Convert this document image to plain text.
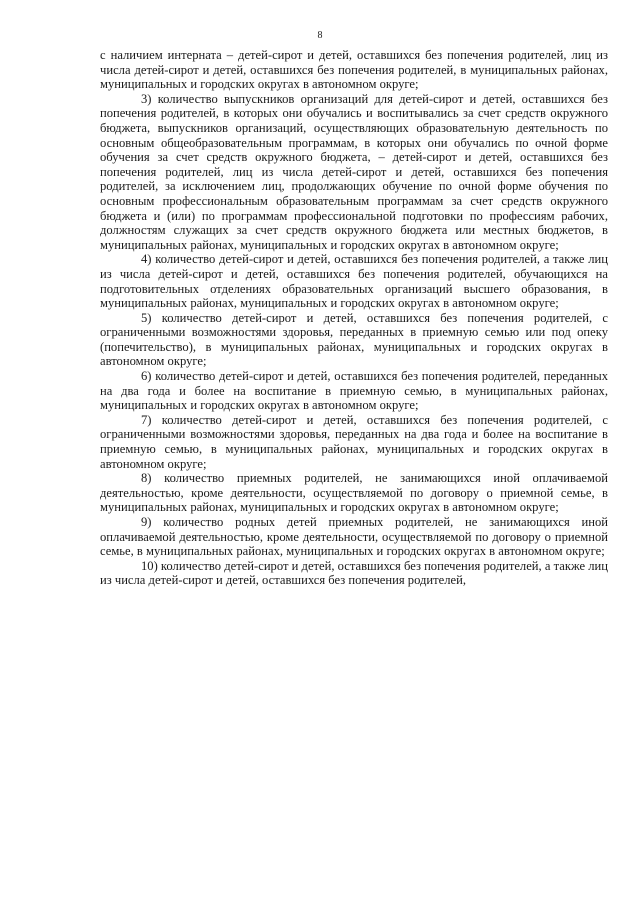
8

с наличием интерната – детей-сирот и детей, оставшихся без попечения родителей, лиц из числа детей-сирот и детей, оставшихся без попечения родителей, в муниципальных районах, муниципальных и городских округах в автономном округе;

3) количество выпускников организаций для детей-сирот и детей, оставшихся без попечения родителей, в которых они обучались и воспитывались за счет средств окружного бюджета, выпускников организаций, осуществляющих образовательную деятельность по основным общеобразовательным программам, в которых они обучались по очной форме обучения за счет средств окружного бюджета, – детей-сирот и детей, оставшихся без попечения родителей, лиц из числа детей-сирот и детей, оставшихся без попечения родителей, за исключением лиц, продолжающих обучение по очной форме обучения по основным профессиональным образовательным программам за счет средств окружного бюджета и (или) по программам профессиональной подготовки по профессиям рабочих, должностям служащих за счет средств окружного бюджета или местных бюджетов, в муниципальных районах, муниципальных и городских округах в автономном округе;

4) количество детей-сирот и детей, оставшихся без попечения родителей, а также лиц из числа детей-сирот и детей, оставшихся без попечения родителей, обучающихся на подготовительных отделениях образовательных организаций высшего образования, в муниципальных районах, муниципальных и городских округах в автономном округе;

5) количество детей-сирот и детей, оставшихся без попечения родителей, с ограниченными возможностями здоровья, переданных в приемную семью или под опеку (попечительство), в муниципальных районах, муниципальных и городских округах в автономном округе;

6) количество детей-сирот и детей, оставшихся без попечения родителей, переданных на два года и более на воспитание в приемную семью, в муниципальных районах, муниципальных и городских округах в автономном округе;

7) количество детей-сирот и детей, оставшихся без попечения родителей, с ограниченными возможностями здоровья, переданных на два года и более на воспитание в приемную семью, в муниципальных районах, муниципальных и городских округах в автономном округе;

8) количество приемных родителей, не занимающихся иной оплачиваемой деятельностью, кроме деятельности, осуществляемой по договору о приемной семье, в муниципальных районах, муниципальных и городских округах в автономном округе;

9) количество родных детей приемных родителей, не занимающихся иной оплачиваемой деятельностью, кроме деятельности, осуществляемой по договору о приемной семье, в муниципальных районах, муниципальных и городских округах в автономном округе;

10) количество детей-сирот и детей, оставшихся без попечения родителей, а также лиц из числа детей-сирот и детей, оставшихся без попечения родителей,
